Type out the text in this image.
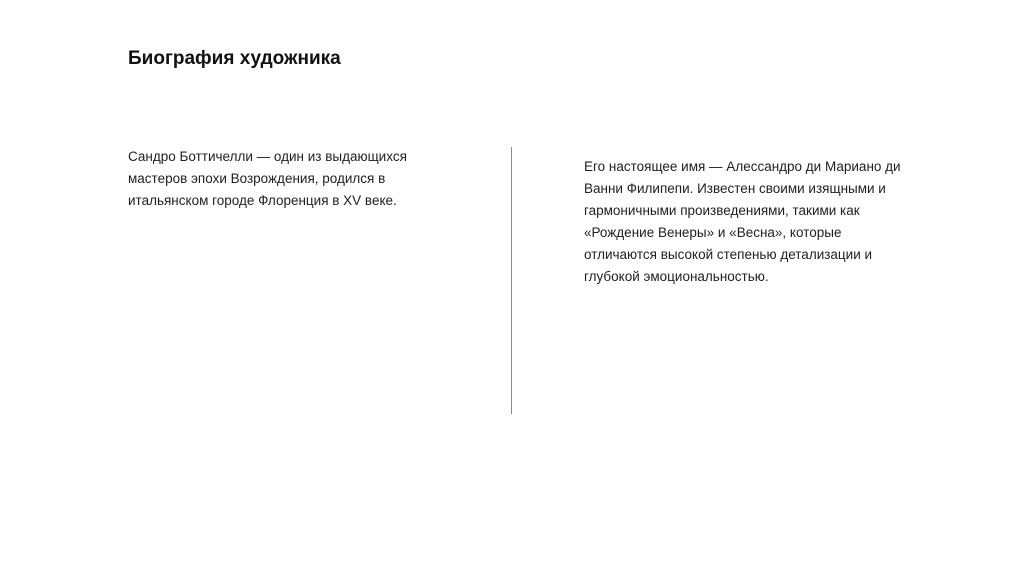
Биография художника

Сандро Боттичелли — один из выдающихся
мастеров эпохи Возрождения, родился в
итальянском городе Флоренция в XV веке.

Его настоящее имя — Алессандро ди Мариано ди
Ванни Филипепи. Известен своими изящными и
гармоничными произведениями, такими как
«Рождение Венеры» и «Весна», которые
отличаются высокой степенью детализации и
глубокой эмоциональностью.
